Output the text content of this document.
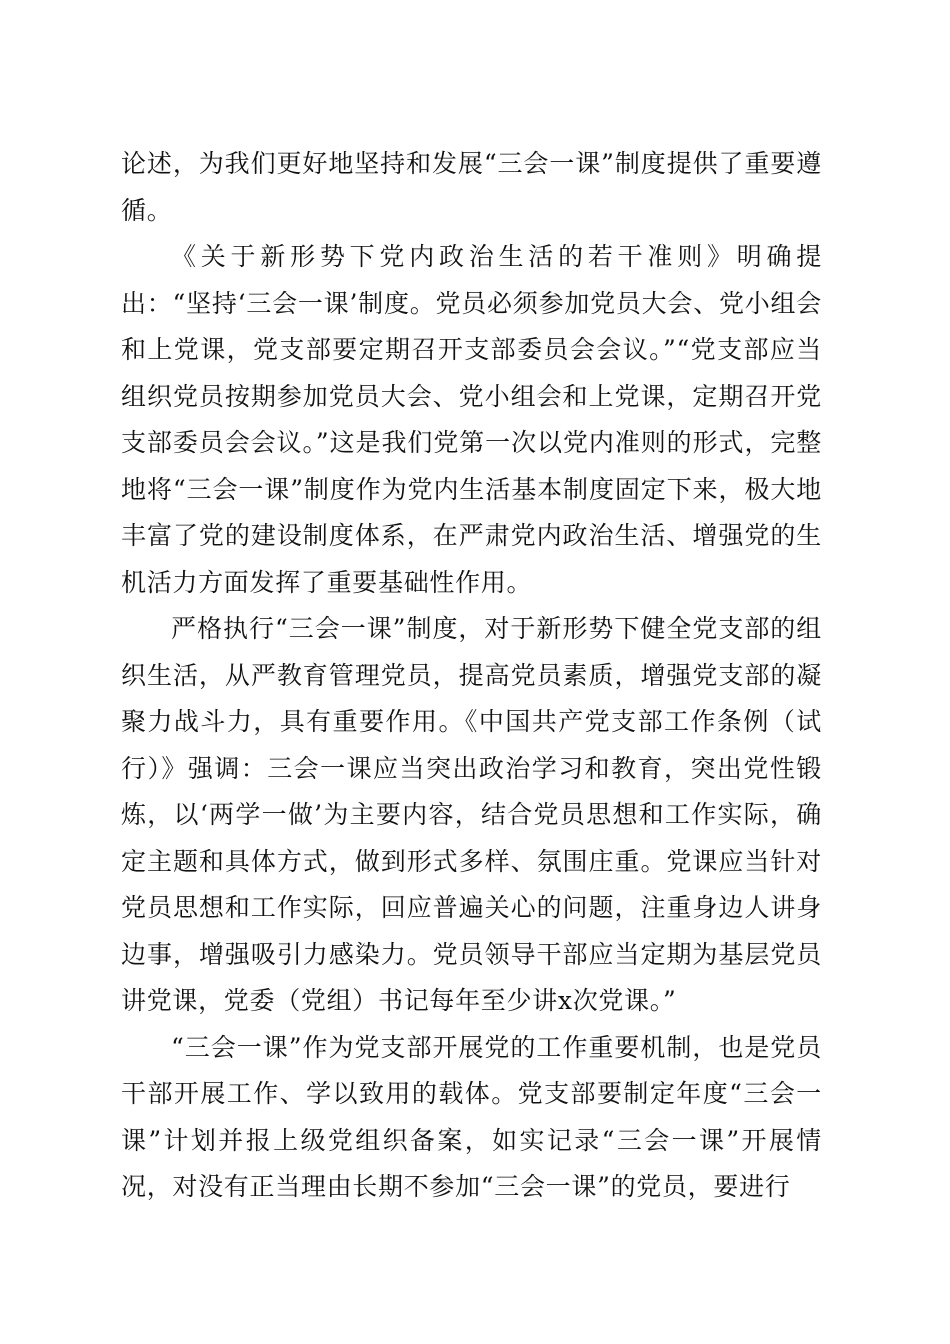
论述，为我们更好地坚持和发展“三会一课”制度提供了重要遵循。

《关于新形势下党内政治生活的若干准则》明确提出：“坚持‘三会一课’制度。党员必须参加党员大会、党小组会和上党课，党支部要定期召开支部委员会会议。”“党支部应当组织党员按期参加党员大会、党小组会和上党课，定期召开党支部委员会会议。”这是我们党第一次以党内准则的形式，完整地将“三会一课”制度作为党内生活基本制度固定下来，极大地丰富了党的建设制度体系，在严肃党内政治生活、增强党的生机活力方面发挥了重要基础性作用。

严格执行“三会一课”制度，对于新形势下健全党支部的组织生活，从严教育管理党员，提高党员素质，增强党支部的凝聚力战斗力，具有重要作用。《中国共产党支部工作条例（试行）》强调：三会一课应当突出政治学习和教育，突出党性锻炼，以‘两学一做’为主要内容，结合党员思想和工作实际，确定主题和具体方式，做到形式多样、氛围庄重。党课应当针对党员思想和工作实际，回应普遍关心的问题，注重身边人讲身边事，增强吸引力感染力。党员领导干部应当定期为基层党员讲党课，党委（党组）书记每年至少讲x次党课。”

“三会一课”作为党支部开展党的工作重要机制，也是党员干部开展工作、学以致用的载体。党支部要制定年度“三会一课”计划并报上级党组织备案，如实记录“三会一课”开展情况，对没有正当理由长期不参加“三会一课”的党员，要进行
